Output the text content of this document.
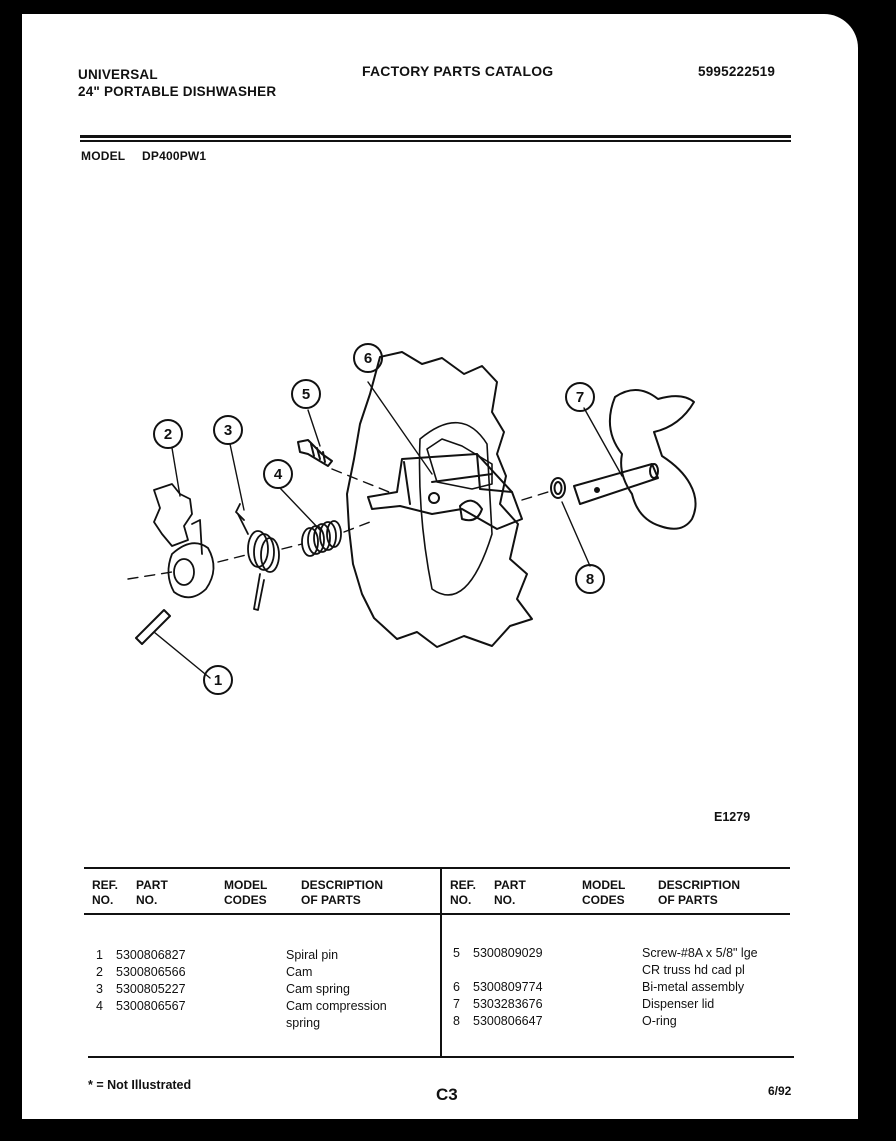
UNIVERSAL
24" PORTABLE DISHWASHER
FACTORY PARTS CATALOG	5995222519
MODEL DP400PW1
1
2	3
4
5
6
7
8
E1279
REF.
NO.
PART
NO.
MODEL
CODES
DESCRIPTION
OF PARTS
REF.
NO.
PART
NO.
MODEL
CODES
DESCRIPTION
OF PARTS
1 5300806827	Spiral pin
2 5300806566	Cam
3 5300805227	Cam spring
4 5300806567	Cam compression
spring
5 5300809029	Screw-#8A x 5/8" lge
CR truss hd cad pl
6 5300809774	Bi-metal assembly
7 5303283676	Dispenser lid
8 5300806647	O-ring
* = Not Illustrated	C3	6/92
